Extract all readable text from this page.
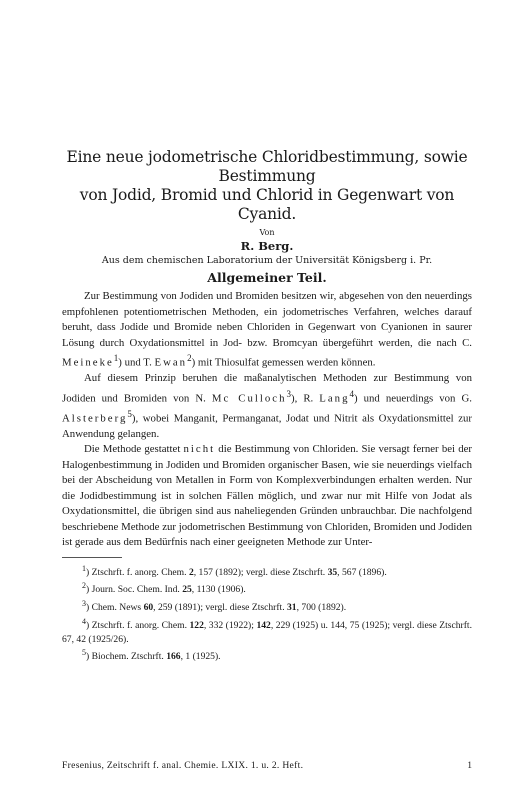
Eine neue jodometrische Chloridbestimmung, sowie Bestimmung
von Jodid, Bromid und Chlorid in Gegenwart von Cyanid.

Von

R. Berg.

Aus dem chemischen Laboratorium der Universität Königsberg i. Pr.

Allgemeiner Teil.

Zur Bestimmung von Jodiden und Bromiden besitzen wir, abgesehen von den neuerdings empfohlenen potentiometrischen Methoden, ein jodometrisches Verfahren, welches darauf beruht, dass Jodide und Bromide neben Chloriden in Gegenwart von Cyanionen in saurer Lösung durch Oxydationsmittel in Jod- bzw. Bromcyan übergeführt werden, die nach C. Meineke$^1$) und T. Ewan$^2$) mit Thiosulfat gemessen werden können.

Auf diesem Prinzip beruhen die maßanalytischen Methoden zur Bestimmung von Jodiden und Bromiden von N. Mc Culloch$^3$), R. Lang$^4$) und neuerdings von G. Alsterberg$^5$), wobei Manganit, Permanganat, Jodat und Nitrit als Oxydationsmittel zur Anwendung gelangen.

Die Methode gestattet nicht die Bestimmung von Chloriden. Sie versagt ferner bei der Halogenbestimmung in Jodiden und Bromiden organischer Basen, wie sie neuerdings vielfach bei der Abscheidung von Metallen in Form von Komplexverbindungen erhalten werden. Nur die Jodidbestimmung ist in solchen Fällen möglich, und zwar nur mit Hilfe von Jodat als Oxydationsmittel, die übrigen sind aus naheliegenden Gründen unbrauchbar. Die nachfolgend beschriebene Methode zur jodometrischen Bestimmung von Chloriden, Bromiden und Jodiden ist gerade aus dem Bedürfnis nach einer geeigneten Methode zur Unter-

$^1$) Ztschrft. f. anorg. Chem. 2, 157 (1892); vergl. diese Ztschrft. 35, 567 (1896).

$^2$) Journ. Soc. Chem. Ind. 25, 1130 (1906).

$^3$) Chem. News 60, 259 (1891); vergl. diese Ztschrft. 31, 700 (1892).

$^4$) Ztschrft. f. anorg. Chem. 122, 332 (1922); 142, 229 (1925) u. 144, 75 (1925); vergl. diese Ztschrft. 67, 42 (1925/26).

$^5$) Biochem. Ztschrft. 166, 1 (1925).

Fresenius, Zeitschrift f. anal. Chemie. LXIX. 1. u. 2. Heft.	1
